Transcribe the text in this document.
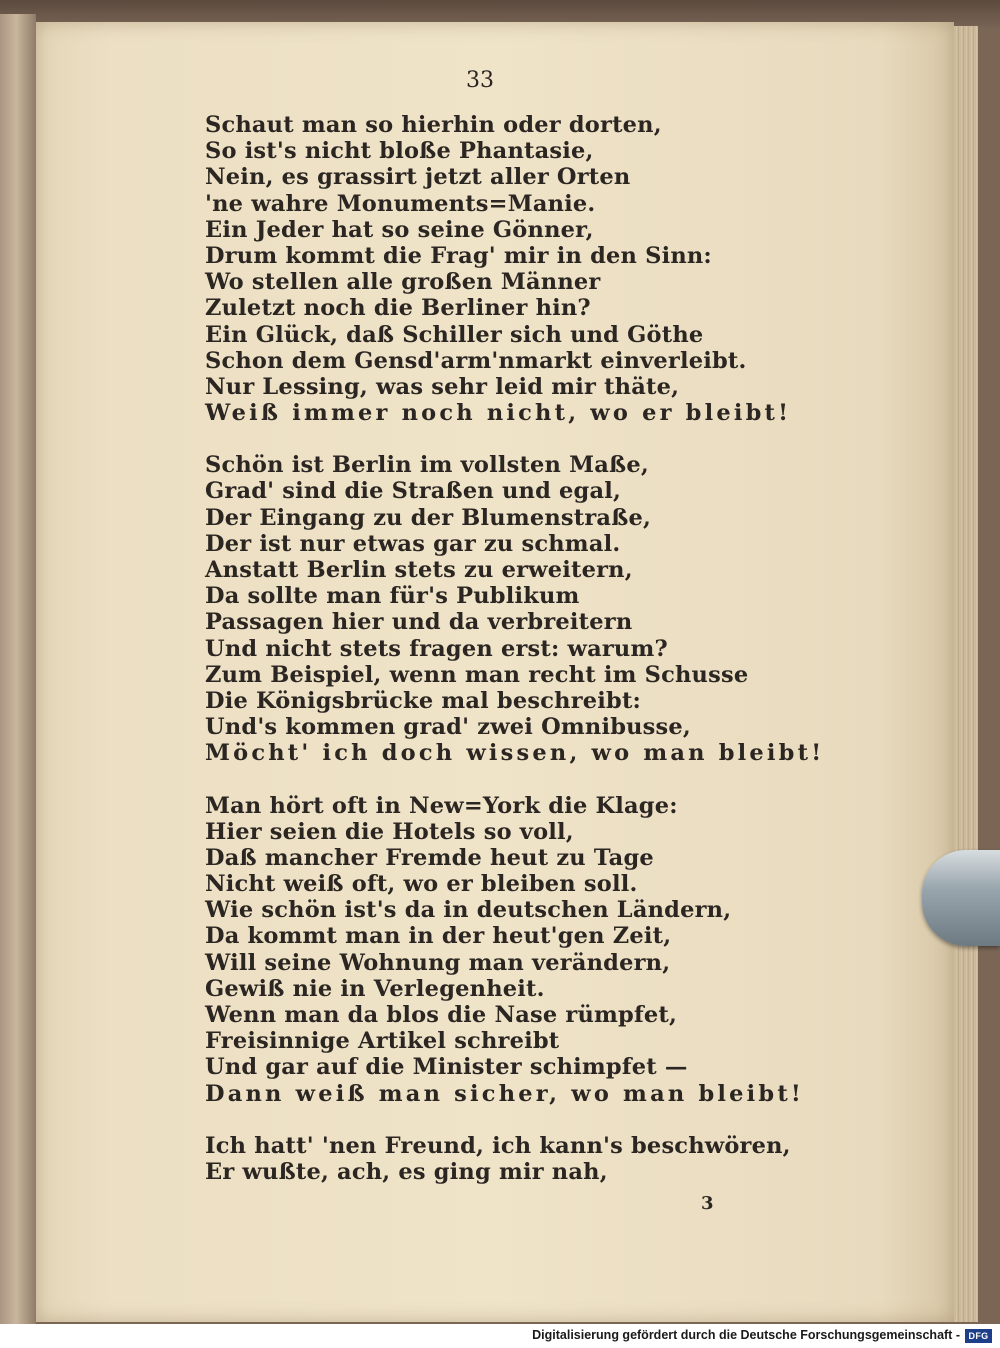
33
Schaut man so hierhin oder dorten,
So ist's nicht bloße Phantasie,
Nein, es grassirt jetzt aller Orten
'ne wahre Monuments=Manie.
Ein Jeder hat so seine Gönner,
Drum kommt die Frag' mir in den Sinn:
Wo stellen alle großen Männer
Zuletzt noch die Berliner hin?
Ein Glück, daß Schiller sich und Göthe
Schon dem Gensd'arm'nmarkt einverleibt.
Nur Lessing, was sehr leid mir thäte,
Weiß immer noch nicht, wo er bleibt!
Schön ist Berlin im vollsten Maße,
Grad' sind die Straßen und egal,
Der Eingang zu der Blumenstraße,
Der ist nur etwas gar zu schmal.
Anstatt Berlin stets zu erweitern,
Da sollte man für's Publikum
Passagen hier und da verbreitern
Und nicht stets fragen erst: warum?
Zum Beispiel, wenn man recht im Schusse
Die Königsbrücke mal beschreibt:
Und's kommen grad' zwei Omnibusse,
Möcht' ich doch wissen, wo man bleibt!
Man hört oft in New=York die Klage:
Hier seien die Hotels so voll,
Daß mancher Fremde heut zu Tage
Nicht weiß oft, wo er bleiben soll.
Wie schön ist's da in deutschen Ländern,
Da kommt man in der heut'gen Zeit,
Will seine Wohnung man verändern,
Gewiß nie in Verlegenheit.
Wenn man da blos die Nase rümpfet,
Freisinnige Artikel schreibt
Und gar auf die Minister schimpfet —
Dann weiß man sicher, wo man bleibt!
Ich hatt' 'nen Freund, ich kann's beschwören,
Er wußte, ach, es ging mir nah,
3
Digitalisierung gefördert durch die Deutsche Forschungsgemeinschaft - DFG
